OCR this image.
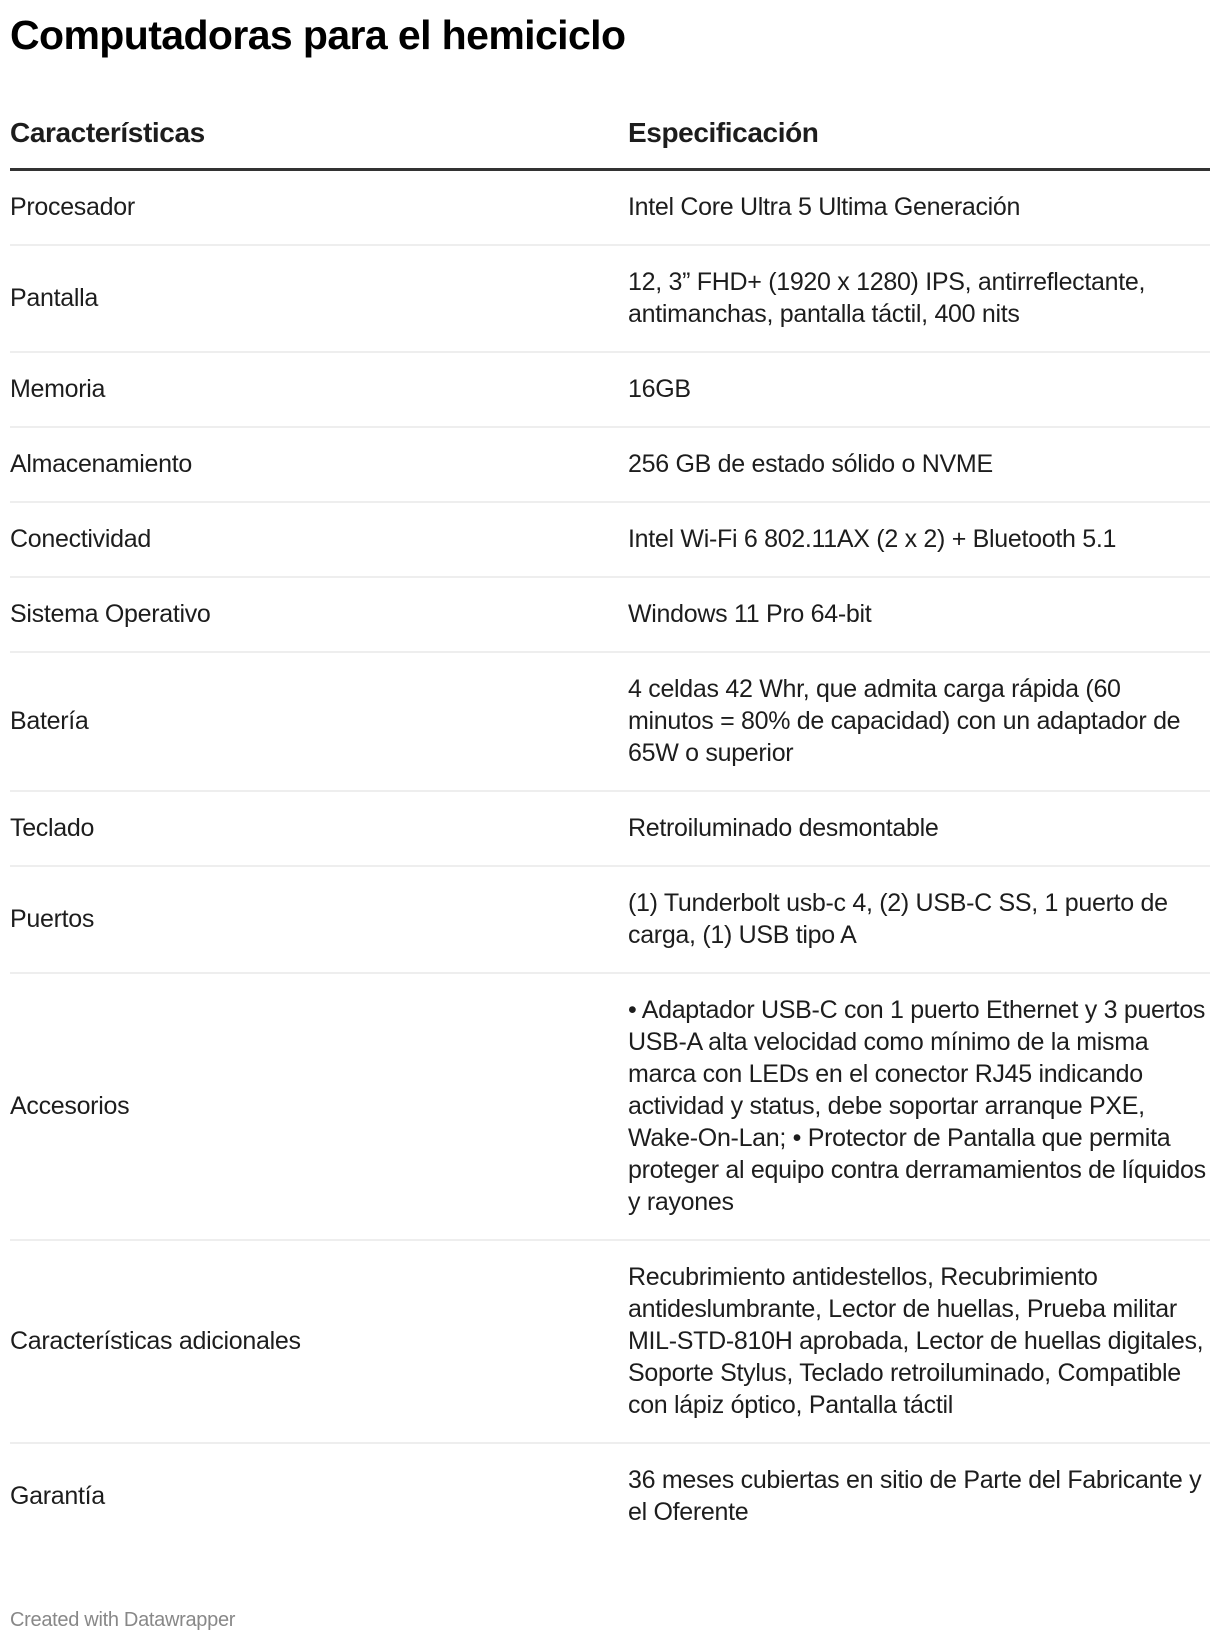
Computadoras para el hemiciclo
Características	Especificación
Procesador	Intel Core Ultra 5 Ultima Generación
Pantalla	12, 3” FHD+ (1920 x 1280) IPS, antirreflectante, antimanchas, pantalla táctil, 400 nits
Memoria	16GB
Almacenamiento	256 GB de estado sólido o NVME
Conectividad	Intel Wi-Fi 6 802.11AX (2 x 2) + Bluetooth 5.1
Sistema Operativo	Windows 11 Pro 64-bit
Batería	4 celdas 42 Whr, que admita carga rápida (60 minutos = 80% de capacidad) con un adaptador de 65W o superior
Teclado	Retroiluminado desmontable
Puertos	(1) Tunderbolt usb-c 4, (2) USB-C SS, 1 puerto de carga, (1) USB tipo A
Accesorios	• Adaptador USB-C con 1 puerto Ethernet y 3 puertos USB-A alta velocidad como mínimo de la misma marca con LEDs en el conector RJ45 indicando actividad y status, debe soportar arranque PXE, Wake-On-Lan; • Protector de Pantalla que permita proteger al equipo contra derramamientos de líquidos y rayones
Características adicionales	Recubrimiento antidestellos, Recubrimiento antideslumbrante, Lector de huellas, Prueba militar MIL-STD-810H aprobada, Lector de huellas digitales, Soporte Stylus, Teclado retroiluminado, Compatible con lápiz óptico, Pantalla táctil
Garantía	36 meses cubiertas en sitio de Parte del Fabricante y el Oferente
Created with Datawrapper
